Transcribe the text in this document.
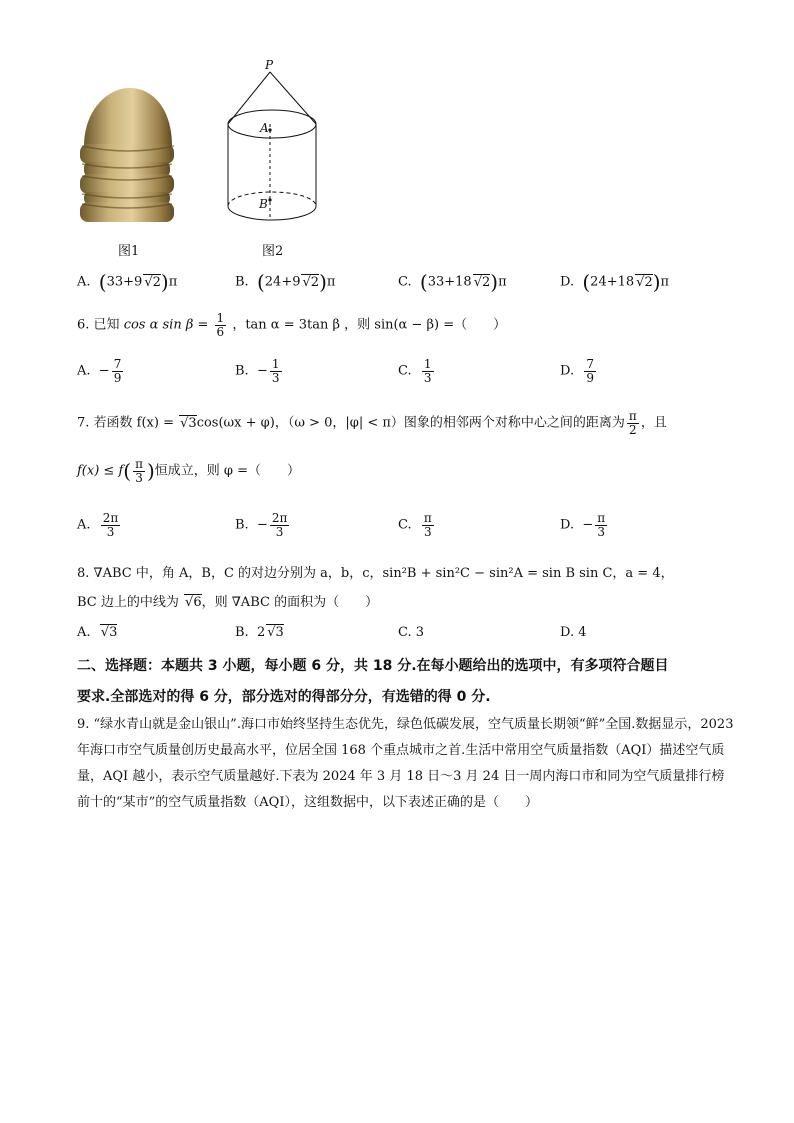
图1
P
A
B
图2
A. (33+9 √2)π	B. (24+9 √2)π	C. (33+18 √2)π	D. (24+18 √2)π
6. 已知 cos α $\sin \beta = \frac{1}{6}$ ，tan α = 3tan β ，则 sin(α − β) =（　　）
A. − $\frac{7}{9}$	B. − $\frac{1}{3}$	C. $\frac{1}{3}$	D. $\frac{7}{9}$
7. 若函数 f(x) = √3cos(ωx + φ)，（ω > 0，|φ| < π）图象的相邻两个对称中心之间的距离为 $\frac{\pi}{2}$ ，且
$f(x) \le f( \frac{\pi}{3}$ )恒成立，则 φ =（　　）
A. $\frac{2\pi}{3}$	B. − $\frac{2\pi}{3}$	C. $\frac{\pi}{3}$	D. − $\frac{\pi}{3}$
8. ∇ABC 中，角 A，B，C 的对边分别为 a，b，c，sin²B + sin²C − sin²A = sin B sin C，a = 4，
BC 边上的中线为 √6，则 ∇ABC 的面积为（　　）
A. √3	B. 2 √3	C. 3	D. 4
二、选择题：本题共 3 小题，每小题 6 分，共 18 分.在每小题给出的选项中，有多项符合题目
要求.全部选对的得 6 分，部分选对的得部分分，有选错的得 0 分.
9. “绿水青山就是金山银山”.海口市始终坚持生态优先，绿色低碳发展，空气质量长期领“鲜”全国.数据显示，2023 年海口市空气质量创历史最高水平，位居全国 168 个重点城市之首.生活中常用空气质量指数（AQI）描述空气质量，AQI 越小，表示空气质量越好.下表为 2024 年 3 月 18 日～3 月 24 日一周内海口市和同为空气质量排行榜前十的“某市”的空气质量指数（AQI），这组数据中，以下表述正确的是（　　）
